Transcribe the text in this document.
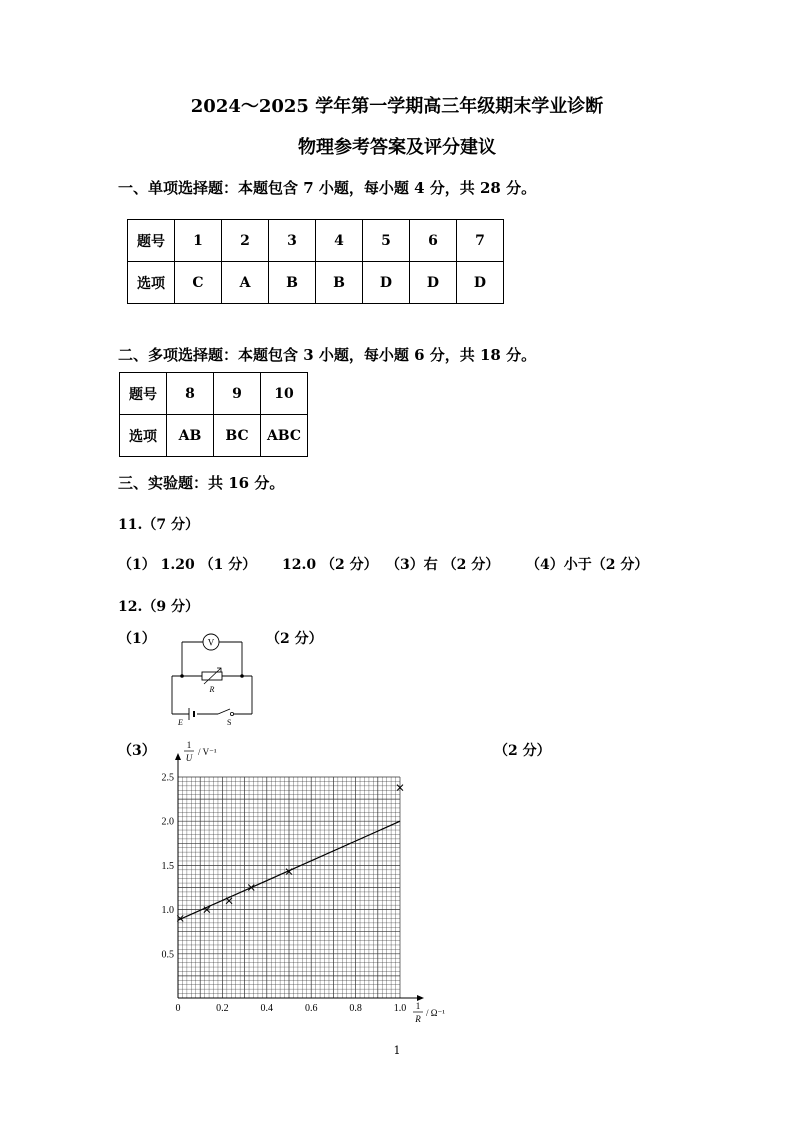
2024～2025 学年第一学期高三年级期末学业诊断
物理参考答案及评分建议
一、单项选择题：本题包含 7 小题，每小题 4 分，共 28 分。
题号	1	2	3	4	5	6	7
选项	C	A	B	B	D	D	D
二、多项选择题：本题包含 3 小题，每小题 6 分，共 18 分。
题号	8	9	10
选项	AB	BC	ABC
三、实验题：共 16 分。
11.（7 分）
（1） 1.20 （1 分） 12.0 （2 分） （3）右 （2 分） （4）小于（2 分）
12.（9 分）
（1）	（2 分）
V
R
E	S
（3）	（2 分）
0	0.2	0.4	0.6	0.8	1.0
0.5
1.0
1.5
2.0
2.5
1
U
/ V⁻¹
1
R
/ Ω⁻¹
1
